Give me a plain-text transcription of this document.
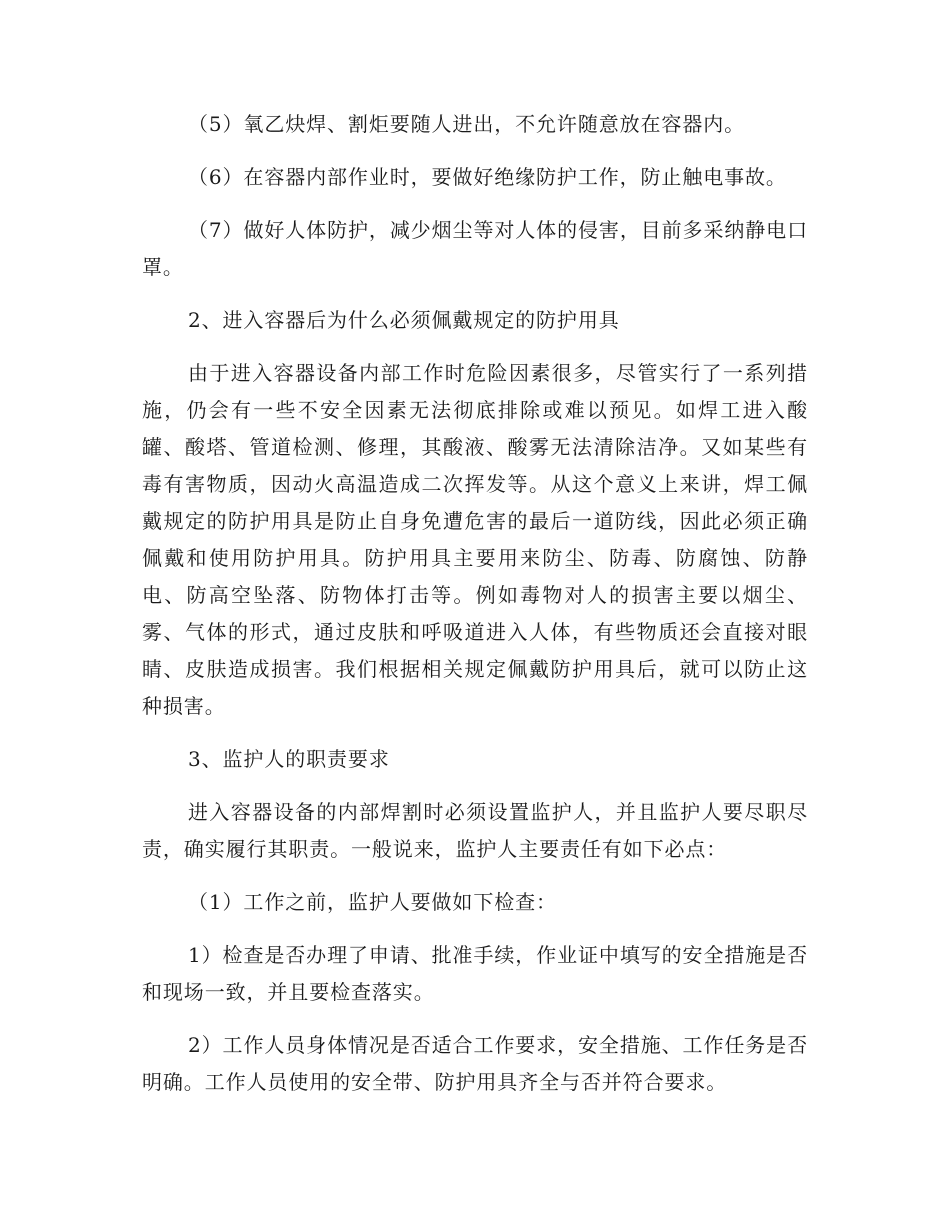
（5）氧乙炔焊、割炬要随人进出，不允许随意放在容器内。

（6）在容器内部作业时，要做好绝缘防护工作，防止触电事故。

（7）做好人体防护，减少烟尘等对人体的侵害，目前多采纳静电口罩。

2、进入容器后为什么必须佩戴规定的防护用具

由于进入容器设备内部工作时危险因素很多，尽管实行了一系列措施，仍会有一些不安全因素无法彻底排除或难以预见。如焊工进入酸罐、酸塔、管道检测、修理，其酸液、酸雾无法清除洁净。又如某些有毒有害物质，因动火高温造成二次挥发等。从这个意义上来讲，焊工佩戴规定的防护用具是防止自身免遭危害的最后一道防线，因此必须正确佩戴和使用防护用具。防护用具主要用来防尘、防毒、防腐蚀、防静电、防高空坠落、防物体打击等。例如毒物对人的损害主要以烟尘、雾、气体的形式，通过皮肤和呼吸道进入人体，有些物质还会直接对眼睛、皮肤造成损害。我们根据相关规定佩戴防护用具后，就可以防止这种损害。

3、监护人的职责要求

进入容器设备的内部焊割时必须设置监护人，并且监护人要尽职尽责，确实履行其职责。一般说来，监护人主要责任有如下必点：

（1）工作之前，监护人要做如下检查：

1）检查是否办理了申请、批准手续，作业证中填写的安全措施是否和现场一致，并且要检查落实。

2）工作人员身体情况是否适合工作要求，安全措施、工作任务是否明确。工作人员使用的安全带、防护用具齐全与否并符合要求。
